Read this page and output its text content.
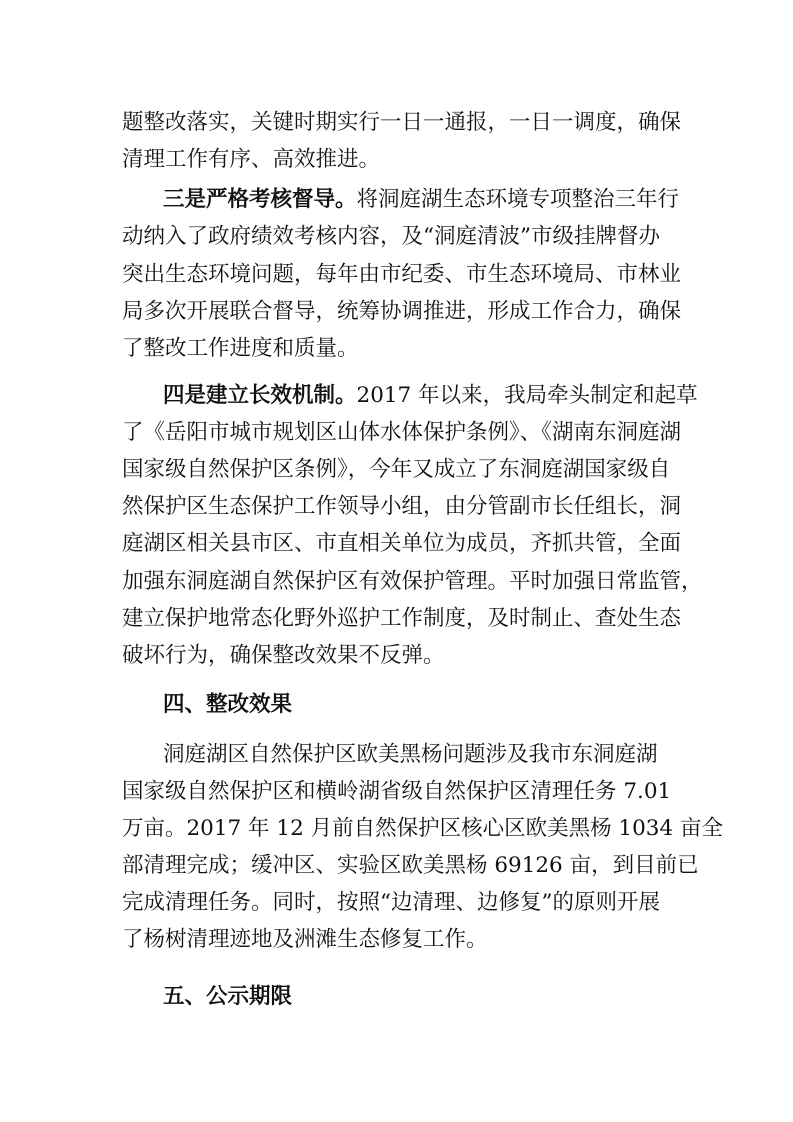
题整改落实，关键时期实行一日一通报，一日一调度，确保
清理工作有序、高效推进。
三是严格考核督导。将洞庭湖生态环境专项整治三年行
动纳入了政府绩效考核内容，及“洞庭清波”市级挂牌督办
突出生态环境问题，每年由市纪委、市生态环境局、市林业
局多次开展联合督导，统筹协调推进，形成工作合力，确保
了整改工作进度和质量。
四是建立长效机制。2017 年以来，我局牵头制定和起草
了《岳阳市城市规划区山体水体保护条例》、《湖南东洞庭湖
国家级自然保护区条例》，今年又成立了东洞庭湖国家级自
然保护区生态保护工作领导小组，由分管副市长任组长，洞
庭湖区相关县市区、市直相关单位为成员，齐抓共管，全面
加强东洞庭湖自然保护区有效保护管理。平时加强日常监管，
建立保护地常态化野外巡护工作制度，及时制止、查处生态
破坏行为，确保整改效果不反弹。
四、整改效果
洞庭湖区自然保护区欧美黑杨问题涉及我市东洞庭湖
国家级自然保护区和横岭湖省级自然保护区清理任务 7.01
万亩。2017 年 12 月前自然保护区核心区欧美黑杨 1034 亩全
部清理完成；缓冲区、实验区欧美黑杨 69126 亩，到目前已
完成清理任务。同时，按照“边清理、边修复”的原则开展
了杨树清理迹地及洲滩生态修复工作。
五、公示期限
